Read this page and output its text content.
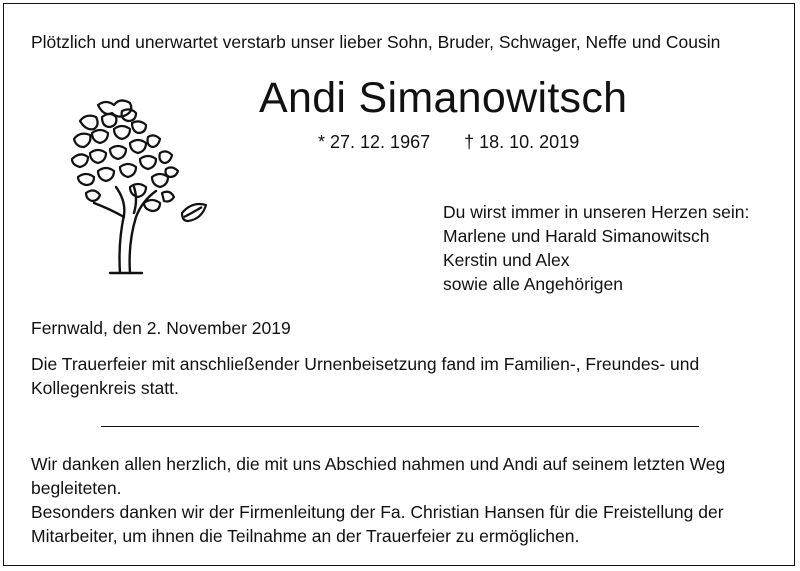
Plötzlich und unerwartet verstarb unser lieber Sohn, Bruder, Schwager, Neffe und Cousin
Andi Simanowitsch
* 27. 12. 1967 † 18. 10. 2019
Du wirst immer in unseren Herzen sein:
Marlene und Harald Simanowitsch
Kerstin und Alex
sowie alle Angehörigen
Fernwald, den 2. November 2019
Die Trauerfeier mit anschließender Urnenbeisetzung fand im Familien-, Freundes- und Kollegenkreis statt.
Wir danken allen herzlich, die mit uns Abschied nahmen und Andi auf seinem letzten Weg begleiteten.
Besonders danken wir der Firmenleitung der Fa. Christian Hansen für die Freistellung der Mitarbeiter, um ihnen die Teilnahme an der Trauerfeier zu ermöglichen.
